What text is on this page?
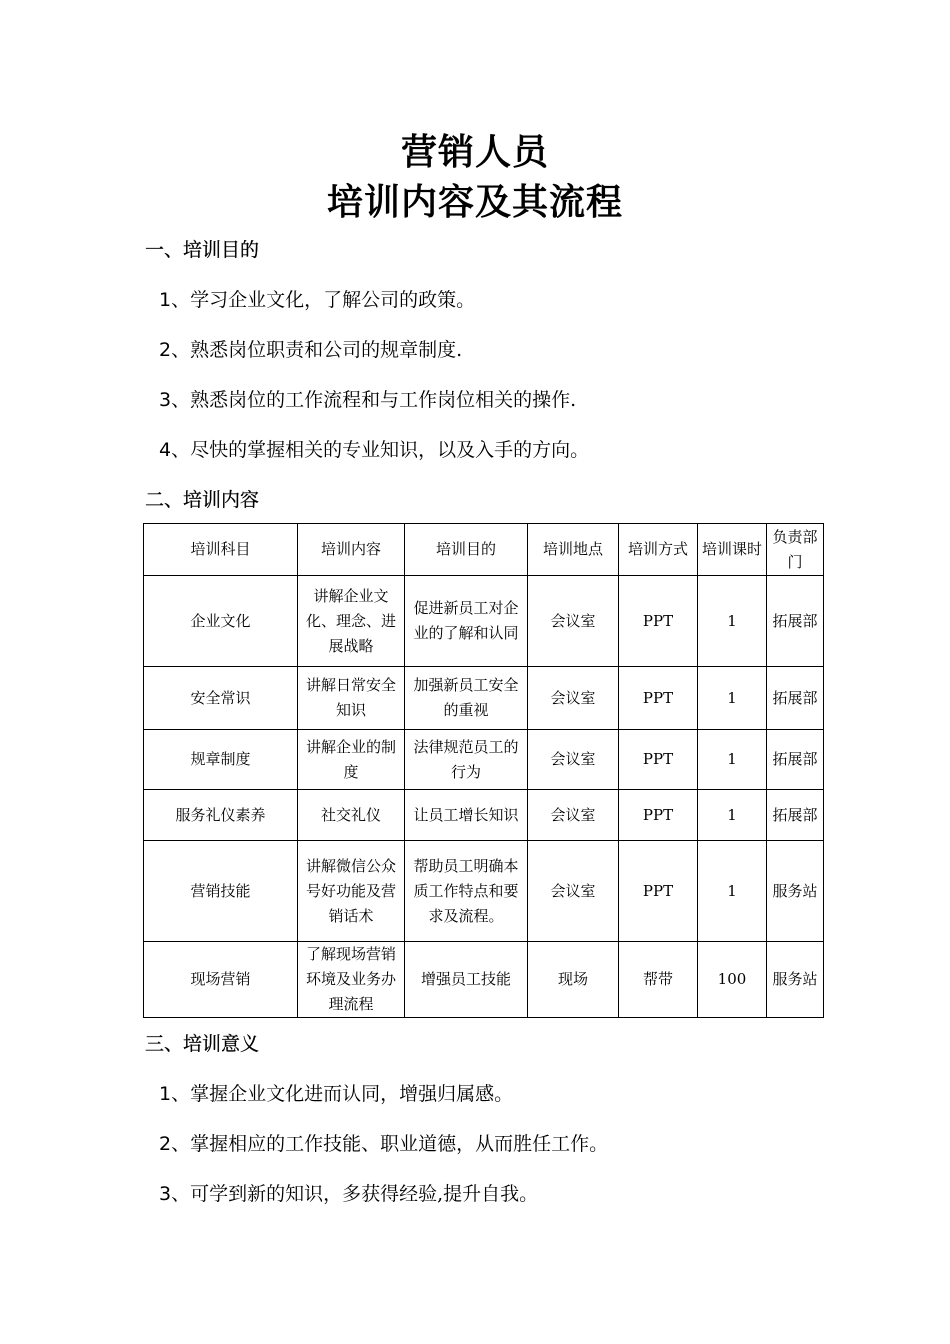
营销人员
培训内容及其流程
一、培训目的
1、学习企业文化，了解公司的政策。
2、熟悉岗位职责和公司的规章制度.
3、熟悉岗位的工作流程和与工作岗位相关的操作.
4、尽快的掌握相关的专业知识，以及入手的方向。
二、培训内容
培训科目	培训内容	培训目的	培训地点	培训方式	培训课时	负责部门
企业文化	讲解企业文化、理念、进展战略	促进新员工对企业的了解和认同	会议室	PPT	1	拓展部
安全常识	讲解日常安全知识	加强新员工安全的重视	会议室	PPT	1	拓展部
规章制度	讲解企业的制度	法律规范员工的行为	会议室	PPT	1	拓展部
服务礼仪素养	社交礼仪	让员工增长知识	会议室	PPT	1	拓展部
营销技能	讲解微信公众号好功能及营销话术	帮助员工明确本质工作特点和要求及流程。	会议室	PPT	1	服务站
现场营销	了解现场营销环境及业务办理流程	增强员工技能	现场	帮带	100	服务站
三、培训意义
1、掌握企业文化进而认同，增强归属感。
2、掌握相应的工作技能、职业道德，从而胜任工作。
3、可学到新的知识，多获得经验,提升自我。
